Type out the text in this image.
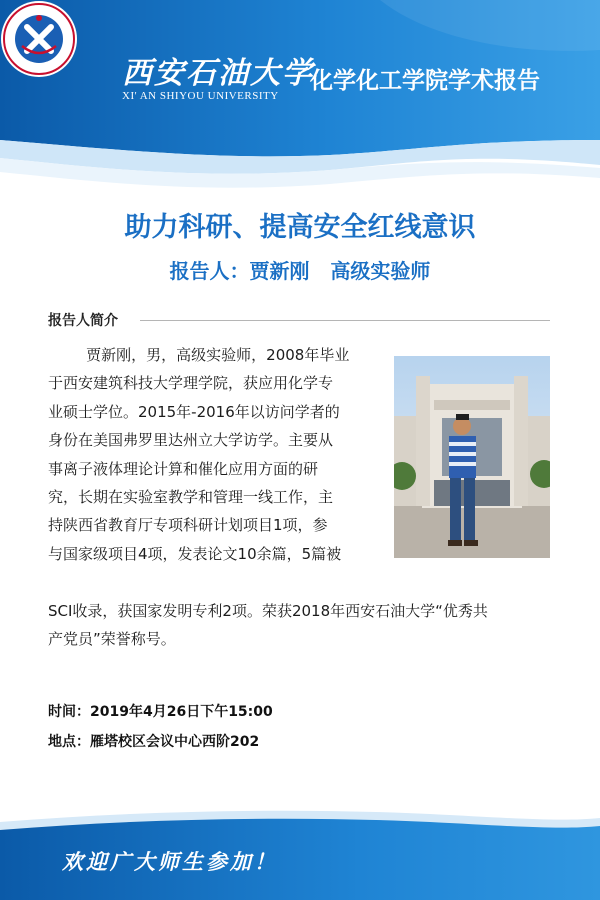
西安石油大学
XI' AN SHIYOU UNIVERSITY
化学化工学院学术报告
助力科研、提高安全红线意识
报告人：贾新刚   高级实验师
报告人简介
贾新刚，男，高级实验师，2008年毕业
于西安建筑科技大学理学院，获应用化学专
业硕士学位。2015年-2016年以访问学者的
身份在美国弗罗里达州立大学访学。主要从
事离子液体理论计算和催化应用方面的研
究，长期在实验室教学和管理一线工作，主
持陕西省教育厅专项科研计划项目1项，参
与国家级项目4项，发表论文10余篇，5篇被
SCI收录，获国家发明专利2项。荣获2018年西安石油大学“优秀共
产党员”荣誉称号。
时间：2019年4月26日下午15:00
地点：雁塔校区会议中心西阶202
欢迎广大师生参加！
